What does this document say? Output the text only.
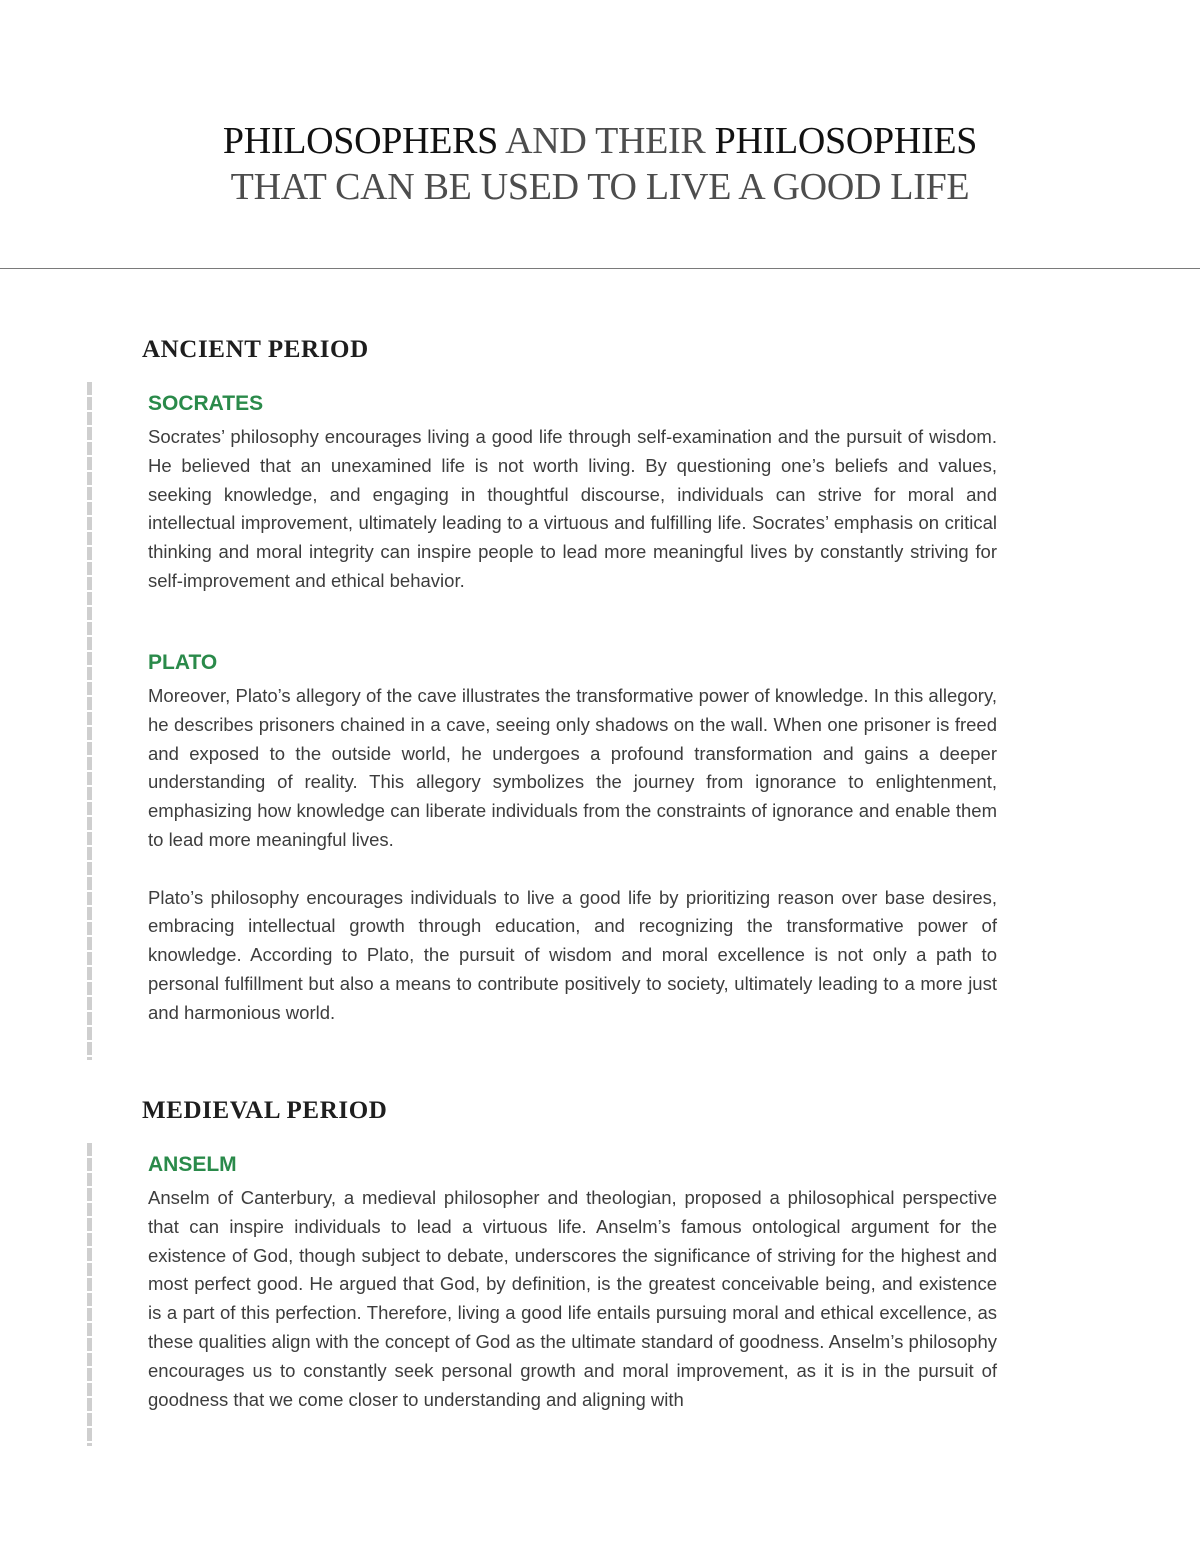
PHILOSOPHERS AND THEIR PHILOSOPHIES
THAT CAN BE USED TO LIVE A GOOD LIFE
ANCIENT PERIOD
SOCRATES

Socrates’ philosophy encourages living a good life through self-examination and the pursuit of wisdom. He believed that an unexamined life is not worth living. By questioning one’s beliefs and values, seeking knowledge, and engaging in thoughtful discourse, individuals can strive for moral and intellectual improvement, ultimately leading to a virtuous and fulfilling life. Socrates’ emphasis on critical thinking and moral integrity can inspire people to lead more meaningful lives by constantly striving for self-improvement and ethical behavior.

PLATO

Moreover, Plato’s allegory of the cave illustrates the transformative power of knowledge. In this allegory, he describes prisoners chained in a cave, seeing only shadows on the wall. When one prisoner is freed and exposed to the outside world, he undergoes a profound transformation and gains a deeper understanding of reality. This allegory symbolizes the journey from ignorance to enlightenment, emphasizing how knowledge can liberate individuals from the constraints of ignorance and enable them to lead more meaningful lives.

Plato’s philosophy encourages individuals to live a good life by prioritizing reason over base desires, embracing intellectual growth through education, and recognizing the transformative power of knowledge. According to Plato, the pursuit of wisdom and moral excellence is not only a path to personal fulfillment but also a means to contribute positively to society, ultimately leading to a more just and harmonious world.

MEDIEVAL PERIOD
ANSELM

Anselm of Canterbury, a medieval philosopher and theologian, proposed a philosophical perspective that can inspire individuals to lead a virtuous life. Anselm’s famous ontological argument for the existence of God, though subject to debate, underscores the significance of striving for the highest and most perfect good. He argued that God, by definition, is the greatest conceivable being, and existence is a part of this perfection. Therefore, living a good life entails pursuing moral and ethical excellence, as these qualities align with the concept of God as the ultimate standard of goodness. Anselm’s philosophy encourages us to constantly seek personal growth and moral improvement, as it is in the pursuit of goodness that we come closer to understanding and aligning with
